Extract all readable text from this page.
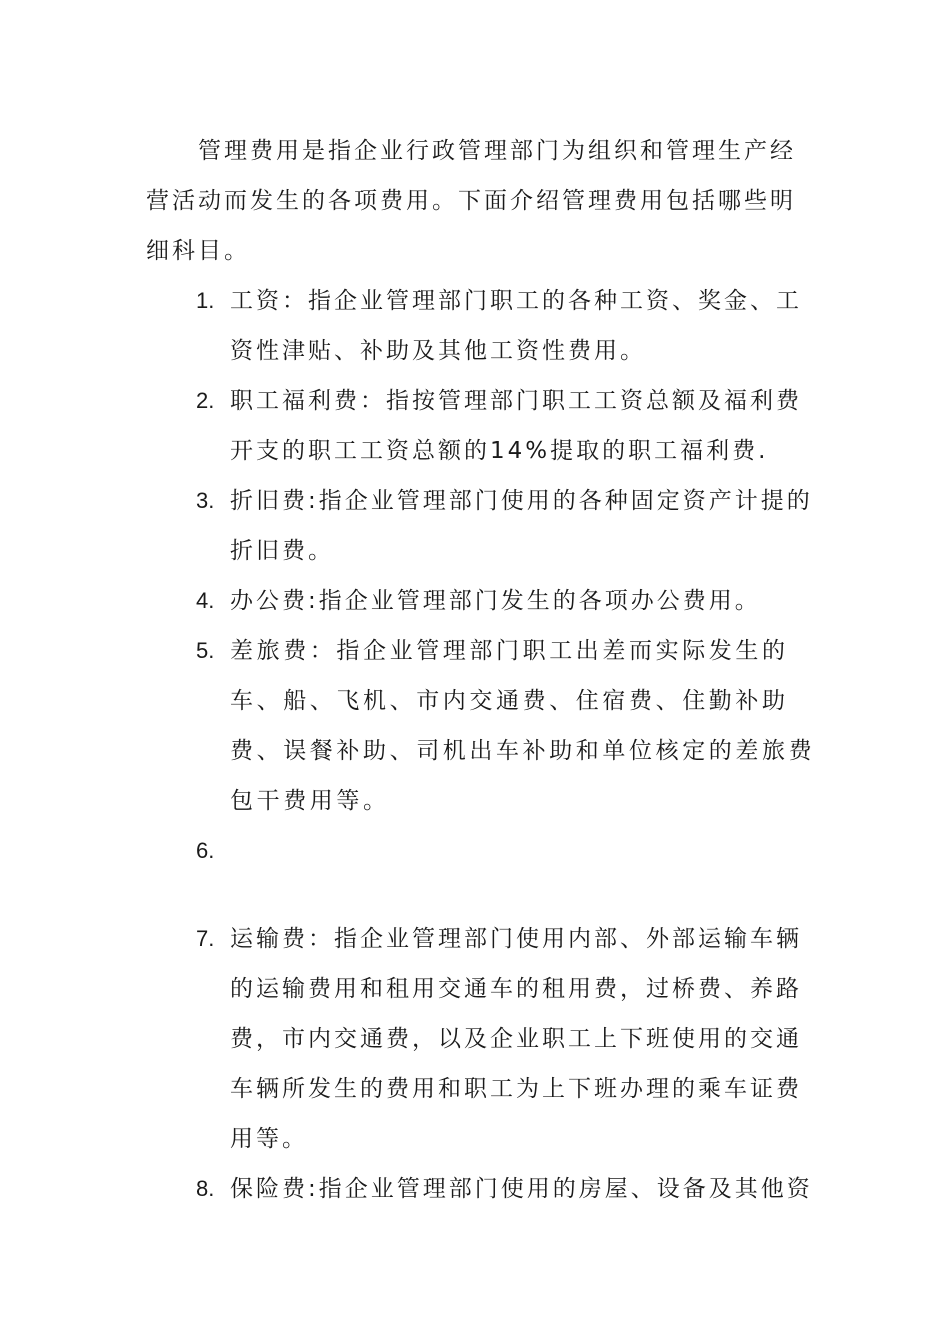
管理费用是指企业行政管理部门为组织和管理生产经营活动而发生的各项费用。下面介绍管理费用包括哪些明细科目。

1. 工资：指企业管理部门职工的各种工资、奖金、工资性津贴、补助及其他工资性费用。
2. 职工福利费：指按管理部门职工工资总额及福利费开支的职工工资总额的14%提取的职工福利费.
3. 折旧费:指企业管理部门使用的各种固定资产计提的折旧费。
4. 办公费:指企业管理部门发生的各项办公费用。
5. 差旅费：指企业管理部门职工出差而实际发生的车、船、飞机、市内交通费、住宿费、住勤补助费、误餐补助、司机出车补助和单位核定的差旅费包干费用等。
6.
7. 运输费：指企业管理部门使用内部、外部运输车辆的运输费用和租用交通车的租用费，过桥费、养路费，市内交通费，以及企业职工上下班使用的交通车辆所发生的费用和职工为上下班办理的乘车证费用等。
8. 保险费:指企业管理部门使用的房屋、设备及其他资
